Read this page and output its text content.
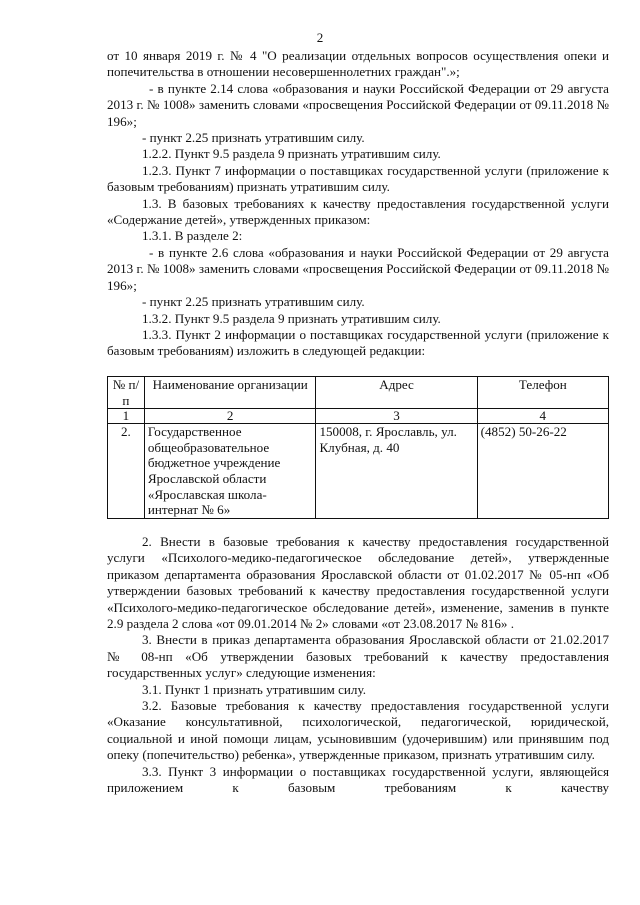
2

от 10 января 2019 г. № 4 "О реализации отдельных вопросов осуществления опеки и попечительства в отношении несовершеннолетних граждан".»;

- в пункте 2.14 слова «образования и науки Российской Федерации от 29 августа 2013 г. № 1008» заменить словами «просвещения Российской Федерации от 09.11.2018 № 196»;

- пункт 2.25 признать утратившим силу.

1.2.2. Пункт 9.5 раздела 9 признать утратившим силу.

1.2.3. Пункт 7 информации о поставщиках государственной услуги (приложение к базовым требованиям) признать утратившим силу.

1.3. В базовых требованиях к качеству предоставления государственной услуги «Содержание детей», утвержденных приказом:

1.3.1. В разделе 2:

- в пункте 2.6 слова «образования и науки Российской Федерации от 29 августа 2013 г. № 1008» заменить словами «просвещения Российской Федерации от 09.11.2018 № 196»;

- пункт 2.25 признать утратившим силу.

1.3.2. Пункт 9.5 раздела 9 признать утратившим силу.

1.3.3. Пункт 2 информации о поставщиках государственной услуги (приложение к базовым требованиям) изложить в следующей редакции:

№ п/п	Наименование организации	Адрес	Телефон
1	2	3	4
2.	Государственное общеобразовательное бюджетное учреждение Ярославской области «Ярославская школа-интернат № 6»	150008, г. Ярославль, ул. Клубная, д. 40	(4852) 50-26-22

2. Внести в базовые требования к качеству предоставления государственной услуги «Психолого-медико-педагогическое обследование детей», утвержденные приказом департамента образования Ярославской области от 01.02.2017 № 05-нп «Об утверждении базовых требований к качеству предоставления государственной услуги «Психолого-медико-педагогическое обследование детей», изменение, заменив в пункте 2.9 раздела 2 слова «от 09.01.2014 № 2» словами «от 23.08.2017 № 816» .

3. Внести в приказ департамента образования Ярославской области от 21.02.2017 № 08-нп «Об утверждении базовых требований к качеству предоставления государственных услуг» следующие изменения:

3.1. Пункт 1 признать утратившим силу.

3.2. Базовые требования к качеству предоставления государственной услуги «Оказание консультативной, психологической, педагогической, юридической, социальной и иной помощи лицам, усыновившим (удочерившим) или принявшим под опеку (попечительство) ребенка», утвержденные приказом, признать утратившим силу.

3.3. Пункт 3 информации о поставщиках государственной услуги, являющейся приложением к базовым требованиям к качеству
